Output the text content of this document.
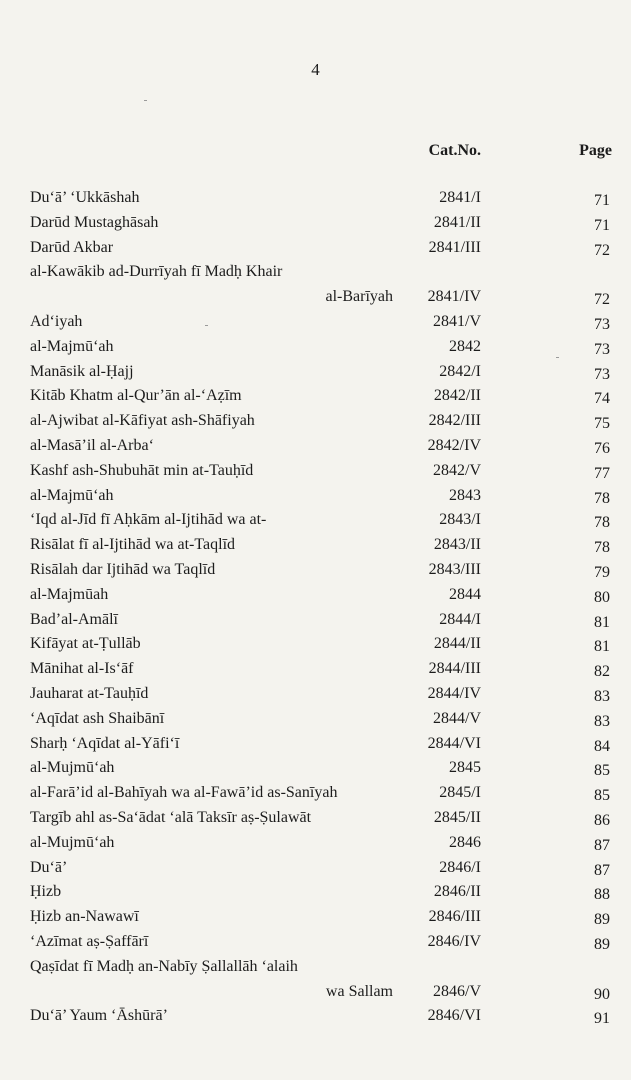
4
Cat.No.	Page
Du‘ā’ ‘Ukkāshah	2841/I	71
Darūd Mustaghāsah	2841/II	71
Darūd Akbar	2841/III	72
al-Kawākib ad-Durrīyah fī Madḥ Khair
al-Barīyah 2841/IV	72
Ad‘iyah	2841/V	73
al-Majmū‘ah	2842	73
Manāsik al-Ḥajj	2842/I	73
Kitāb Khatm al-Qur’ān al-‘Aẓīm	2842/II	74
al-Ajwibat al-Kāfiyat ash-Shāfiyah	2842/III	75
al-Masā’il al-Arba‘	2842/IV	76
Kashf ash-Shubuhāt min at-Tauḥīd	2842/V	77
al-Majmū‘ah	2843	78
‘Iqd al-Jīd fī Aḥkām al-Ijtihād wa at-	2843/I	78
Risālat fī al-Ijtihād wa at-Taqlīd	2843/II	78
Risālah dar Ijtihād wa Taqlīd	2843/III	79
al-Majmūah	2844	80
Bad’al-Amālī	2844/I	81
Kifāyat at-Ṭullāb	2844/II	81
Mānihat al-Is‘āf	2844/III	82
Jauharat at-Tauḥīd	2844/IV	83
‘Aqīdat ash Shaibānī	2844/V	83
Sharḥ ‘Aqīdat al-Yāfi‘ī	2844/VI	84
al-Mujmū‘ah	2845	85
al-Farā’id al-Bahīyah wa al-Fawā’id as-Sanīyah	2845/I	85
Targīb ahl as-Sa‘ādat ‘alā Taksīr aṣ-Ṣulawāt	2845/II	86
al-Mujmū‘ah	2846	87
Du‘ā’	2846/I	87
Ḥizb	2846/II	88
Ḥizb an-Nawawī	2846/III	89
‘Azīmat aṣ-Ṣaffārī	2846/IV	89
Qaṣīdat fī Madḥ an-Nabīy Ṣallallāh ‘alaih
wa Sallam	2846/V	90
Du‘ā’ Yaum ‘Āshūrā’	2846/VI	91
